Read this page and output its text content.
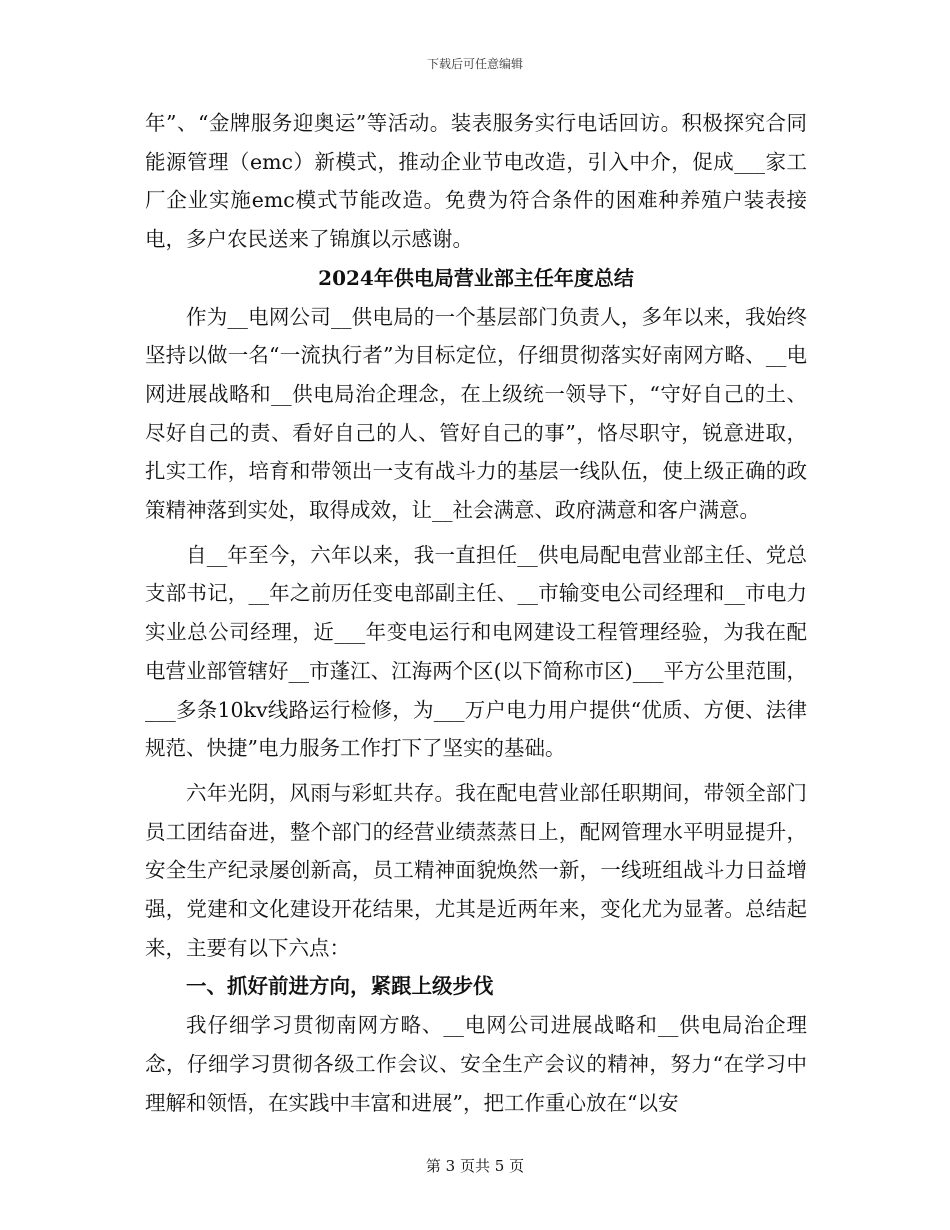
下载后可任意编辑

年”、“金牌服务迎奥运”等活动。装表服务实行电话回访。积极探究合同能源管理（emc）新模式，推动企业节电改造，引入中介，促成___家工厂企业实施emc模式节能改造。免费为符合条件的困难种养殖户装表接电，多户农民送来了锦旗以示感谢。

2024年供电局营业部主任年度总结

作为__电网公司__供电局的一个基层部门负责人，多年以来，我始终坚持以做一名“一流执行者”为目标定位，仔细贯彻落实好南网方略、__电网进展战略和__供电局治企理念，在上级统一领导下，“守好自己的土、尽好自己的责、看好自己的人、管好自己的事”，恪尽职守，锐意进取，扎实工作，培育和带领出一支有战斗力的基层一线队伍，使上级正确的政策精神落到实处，取得成效，让__社会满意、政府满意和客户满意。

自__年至今，六年以来，我一直担任__供电局配电营业部主任、党总支部书记，__年之前历任变电部副主任、__市输变电公司经理和__市电力实业总公司经理，近___年变电运行和电网建设工程管理经验，为我在配电营业部管辖好__市蓬江、江海两个区(以下简称市区)___平方公里范围，___多条10kv线路运行检修，为___万户电力用户提供“优质、方便、法律规范、快捷”电力服务工作打下了坚实的基础。

六年光阴，风雨与彩虹共存。我在配电营业部任职期间，带领全部门员工团结奋进，整个部门的经营业绩蒸蒸日上，配网管理水平明显提升，安全生产纪录屡创新高，员工精神面貌焕然一新，一线班组战斗力日益增强，党建和文化建设开花结果，尤其是近两年来，变化尤为显著。总结起来，主要有以下六点：

一、抓好前进方向，紧跟上级步伐

我仔细学习贯彻南网方略、__电网公司进展战略和__供电局治企理念，仔细学习贯彻各级工作会议、安全生产会议的精神，努力“在学习中理解和领悟，在实践中丰富和进展”，把工作重心放在“以安

第 3 页共 5 页
